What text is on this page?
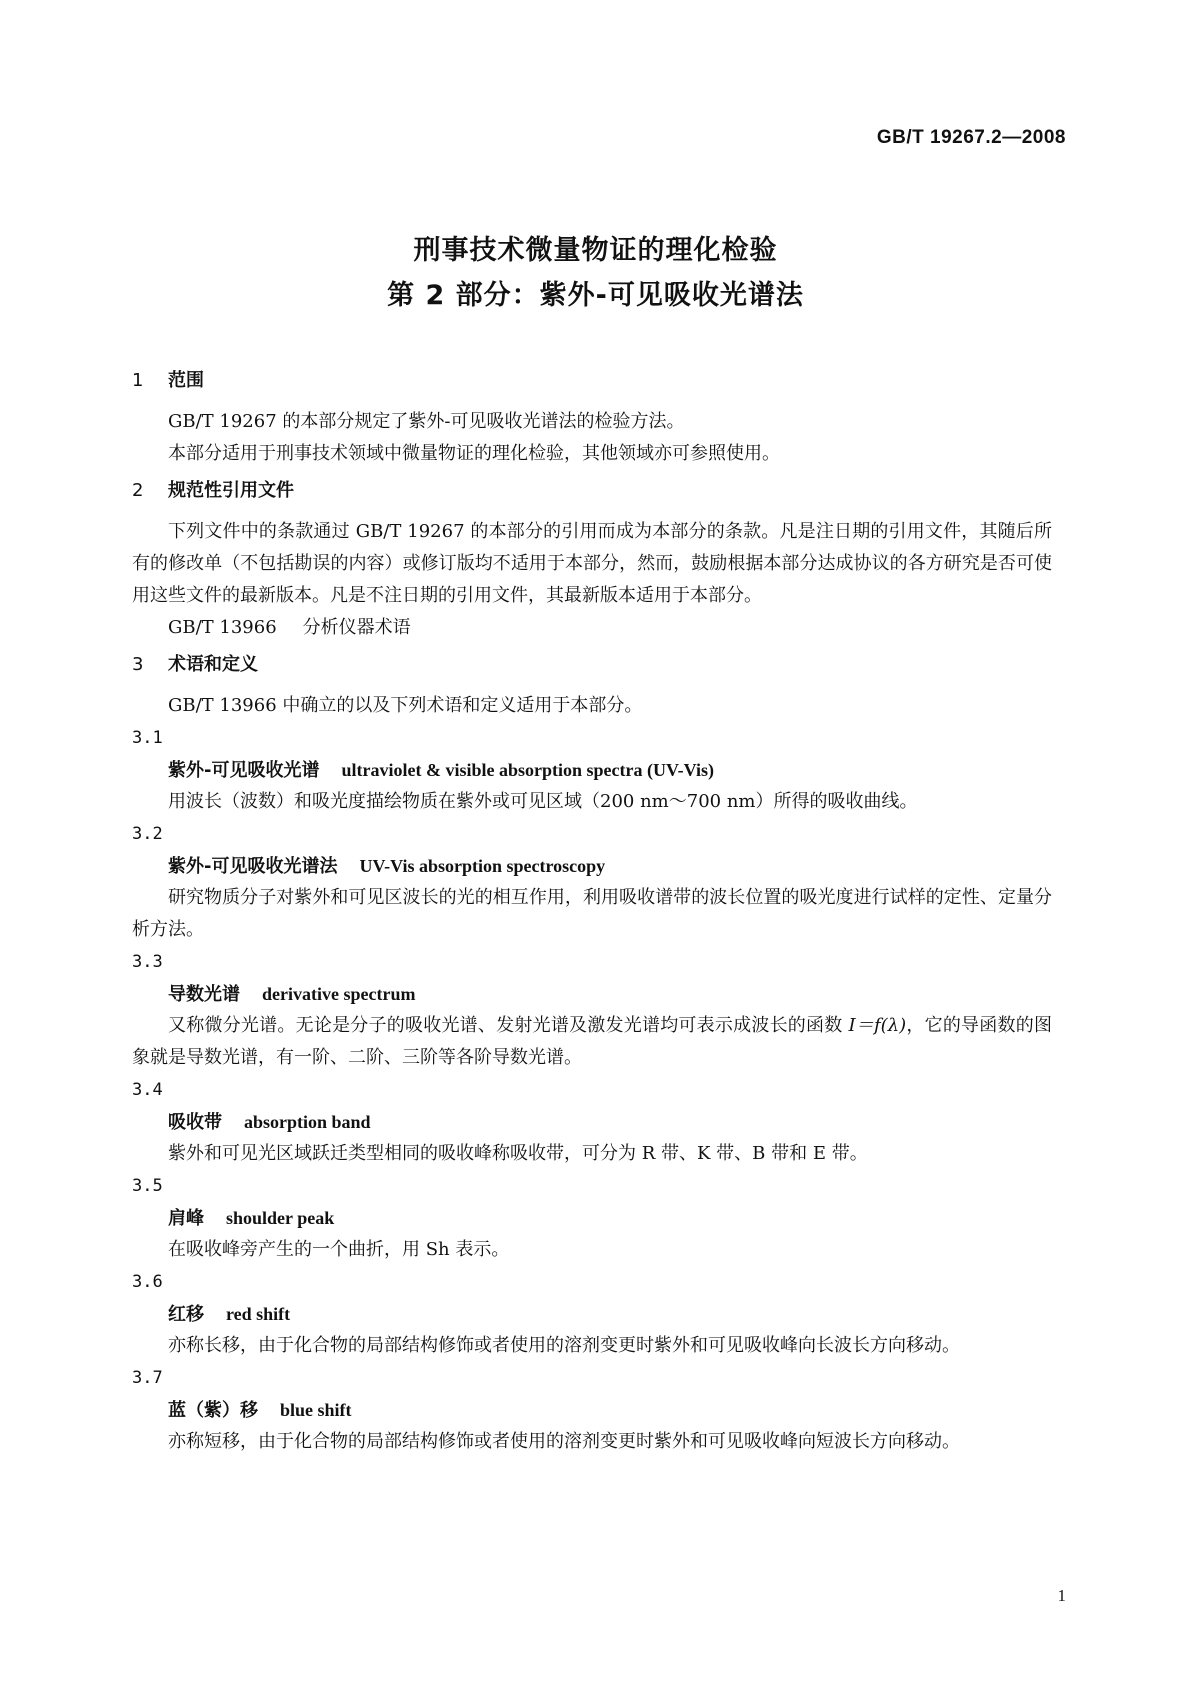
GB/T 19267.2—2008
刑事技术微量物证的理化检验
第 2 部分：紫外-可见吸收光谱法
1 范围
GB/T 19267 的本部分规定了紫外-可见吸收光谱法的检验方法。
本部分适用于刑事技术领域中微量物证的理化检验，其他领域亦可参照使用。
2 规范性引用文件
下列文件中的条款通过 GB/T 19267 的本部分的引用而成为本部分的条款。凡是注日期的引用文件，其随后所有的修改单（不包括勘误的内容）或修订版均不适用于本部分，然而，鼓励根据本部分达成协议的各方研究是否可使用这些文件的最新版本。凡是不注日期的引用文件，其最新版本适用于本部分。
GB/T 13966 分析仪器术语
3 术语和定义
GB/T 13966 中确立的以及下列术语和定义适用于本部分。
3.1
紫外-可见吸收光谱 ultraviolet & visible absorption spectra (UV-Vis)
用波长（波数）和吸光度描绘物质在紫外或可见区域（200 nm～700 nm）所得的吸收曲线。
3.2
紫外-可见吸收光谱法 UV-Vis absorption spectroscopy
研究物质分子对紫外和可见区波长的光的相互作用，利用吸收谱带的波长位置的吸光度进行试样的定性、定量分析方法。
3.3
导数光谱 derivative spectrum
又称微分光谱。无论是分子的吸收光谱、发射光谱及激发光谱均可表示成波长的函数 I＝f(λ)，它的导函数的图象就是导数光谱，有一阶、二阶、三阶等各阶导数光谱。
3.4
吸收带 absorption band
紫外和可见光区域跃迁类型相同的吸收峰称吸收带，可分为 R 带、K 带、B 带和 E 带。
3.5
肩峰 shoulder peak
在吸收峰旁产生的一个曲折，用 Sh 表示。
3.6
红移 red shift
亦称长移，由于化合物的局部结构修饰或者使用的溶剂变更时紫外和可见吸收峰向长波长方向移动。
3.7
蓝（紫）移 blue shift
亦称短移，由于化合物的局部结构修饰或者使用的溶剂变更时紫外和可见吸收峰向短波长方向移动。
1
